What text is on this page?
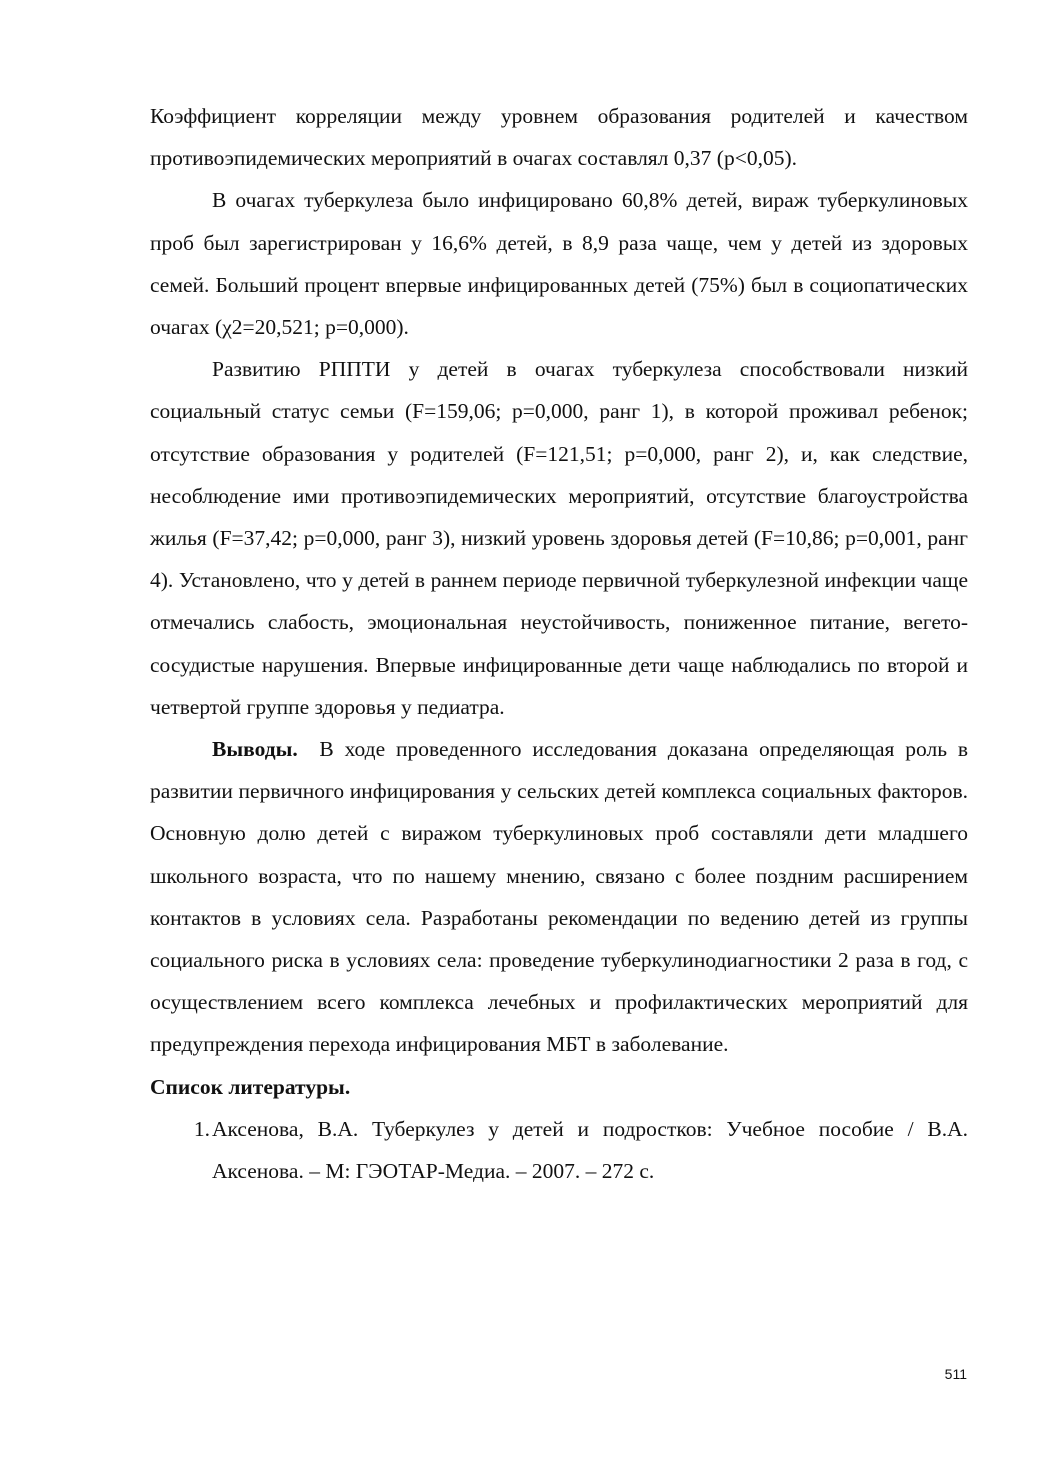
Коэффициент корреляции между уровнем образования родителей и качеством противоэпидемических мероприятий в очагах составлял 0,37 (р<0,05).

В очагах туберкулеза было инфицировано 60,8% детей, вираж туберкулиновых проб был зарегистрирован у 16,6% детей, в 8,9 раза чаще, чем у детей из здоровых семей. Больший процент впервые инфицированных детей (75%) был в социопатических очагах (χ2=20,521; р=0,000).

Развитию РППТИ у детей в очагах туберкулеза способствовали низкий социальный статус семьи (F=159,06; р=0,000, ранг 1), в которой проживал ребенок; отсутствие образования у родителей (F=121,51; р=0,000, ранг 2), и, как следствие, несоблюдение ими противоэпидемических мероприятий, отсутствие благоустройства жилья (F=37,42; р=0,000, ранг 3), низкий уровень здоровья детей (F=10,86; р=0,001, ранг 4). Установлено, что у детей в раннем периоде первичной туберкулезной инфекции чаще отмечались слабость, эмоциональная неустойчивость, пониженное питание, вегето-сосудистые нарушения. Впервые инфицированные дети чаще наблюдались по второй и четвертой группе здоровья у педиатра.

Выводы. В ходе проведенного исследования доказана определяющая роль в развитии первичного инфицирования у сельских детей комплекса социальных факторов. Основную долю детей с виражом туберкулиновых проб составляли дети младшего школьного возраста, что по нашему мнению, связано с более поздним расширением контактов в условиях села. Разработаны рекомендации по ведению детей из группы социального риска в условиях села: проведение туберкулинодиагностики 2 раза в год, с осуществлением всего комплекса лечебных и профилактических мероприятий для предупреждения перехода инфицирования МБТ в заболевание.

Список литературы.

1. Аксенова, В.А. Туберкулез у детей и подростков: Учебное пособие / В.А. Аксенова. – М: ГЭОТАР-Медиа. – 2007. – 272 с.
511
